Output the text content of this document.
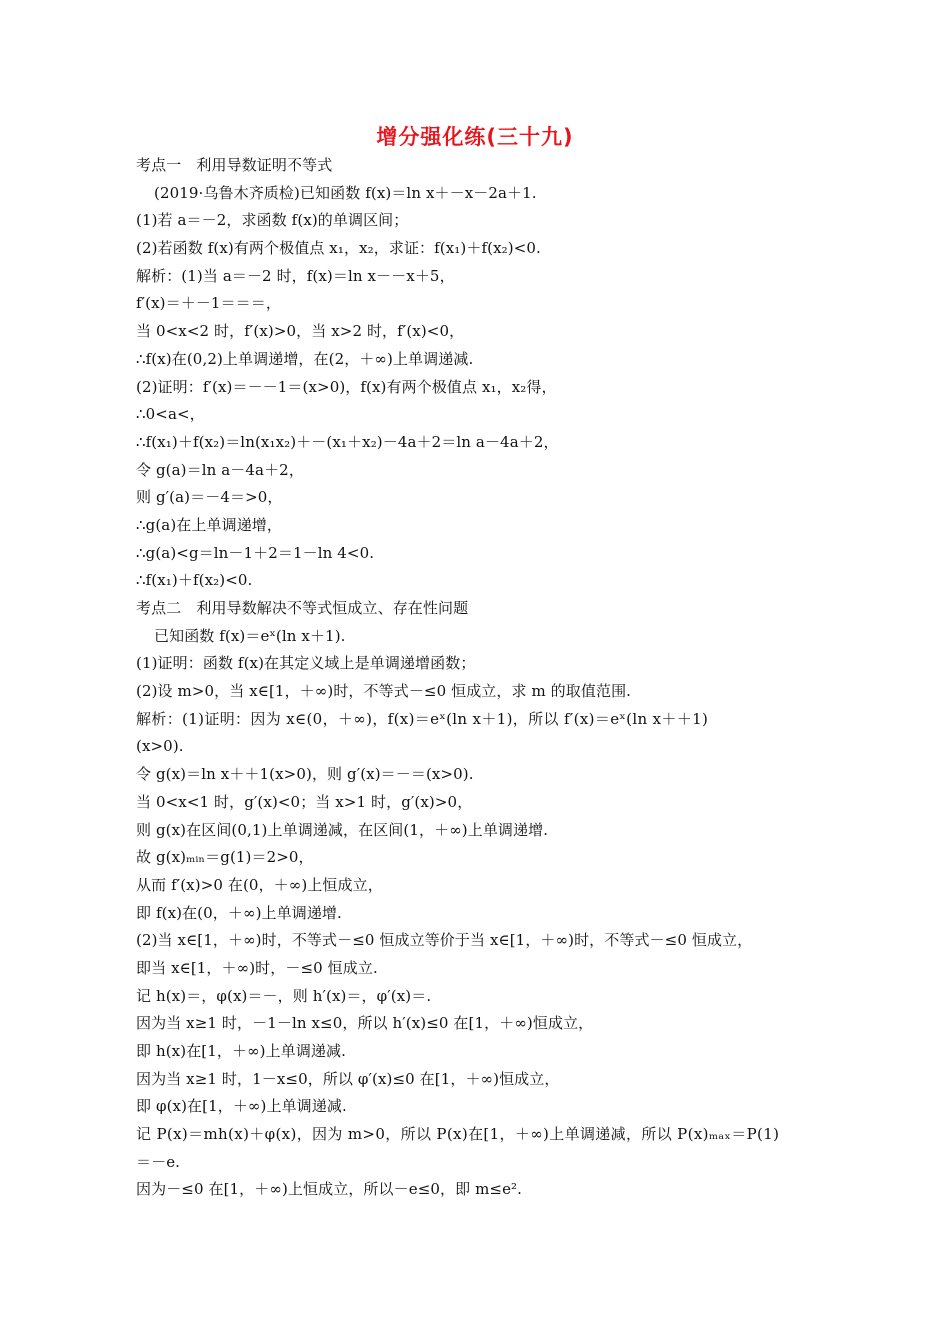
增分强化练(三十九)
考点一　利用导数证明不等式
(2019·乌鲁木齐质检)已知函数 f(x)＝ln x＋－x－2a＋1.
(1)若 a＝－2，求函数 f(x)的单调区间；
(2)若函数 f(x)有两个极值点 x₁，x₂，求证：f(x₁)＋f(x₂)<0.
解析：(1)当 a＝－2 时，f(x)＝ln x－－x＋5，
f′(x)＝＋－1＝＝＝，
当 0<x<2 时，f′(x)>0，当 x>2 时，f′(x)<0，
∴f(x)在(0,2)上单调递增，在(2，＋∞)上单调递减.
(2)证明：f′(x)＝－－1＝(x>0)，f(x)有两个极值点 x₁，x₂得，
∴0<a<，
∴f(x₁)＋f(x₂)＝ln(x₁x₂)＋－(x₁＋x₂)－4a＋2＝ln a－4a＋2，
令 g(a)＝ln a－4a＋2，
则 g′(a)＝－4＝>0，
∴g(a)在上单调递增，
∴g(a)<g＝ln－1＋2＝1－ln 4<0.
∴f(x₁)＋f(x₂)<0.
考点二　利用导数解决不等式恒成立、存在性问题
已知函数 f(x)＝eˣ(ln x＋1).
(1)证明：函数 f(x)在其定义域上是单调递增函数；
(2)设 m>0，当 x∈[1，＋∞)时，不等式－≤0 恒成立，求 m 的取值范围.
解析：(1)证明：因为 x∈(0，＋∞)，f(x)＝eˣ(ln x＋1)，所以 f′(x)＝eˣ(ln x＋＋1)
(x>0).
令 g(x)＝ln x＋＋1(x>0)，则 g′(x)＝－＝(x>0).
当 0<x<1 时，g′(x)<0；当 x>1 时，g′(x)>0，
则 g(x)在区间(0,1)上单调递减，在区间(1，＋∞)上单调递增.
故 g(x)ₘᵢₙ＝g(1)＝2>0，
从而 f′(x)>0 在(0，＋∞)上恒成立，
即 f(x)在(0，＋∞)上单调递增.
(2)当 x∈[1，＋∞)时，不等式－≤0 恒成立等价于当 x∈[1，＋∞)时，不等式－≤0 恒成立，
即当 x∈[1，＋∞)时，－≤0 恒成立.
记 h(x)＝，φ(x)＝－，则 h′(x)＝，φ′(x)＝.
因为当 x≥1 时，－1－ln x≤0，所以 h′(x)≤0 在[1，＋∞)恒成立，
即 h(x)在[1，＋∞)上单调递减.
因为当 x≥1 时，1－x≤0，所以 φ′(x)≤0 在[1，＋∞)恒成立，
即 φ(x)在[1，＋∞)上单调递减.
记 P(x)＝mh(x)＋φ(x)，因为 m>0，所以 P(x)在[1，＋∞)上单调递减，所以 P(x)ₘₐₓ＝P(1)
＝－e.
因为－≤0 在[1，＋∞)上恒成立，所以－e≤0，即 m≤e².
